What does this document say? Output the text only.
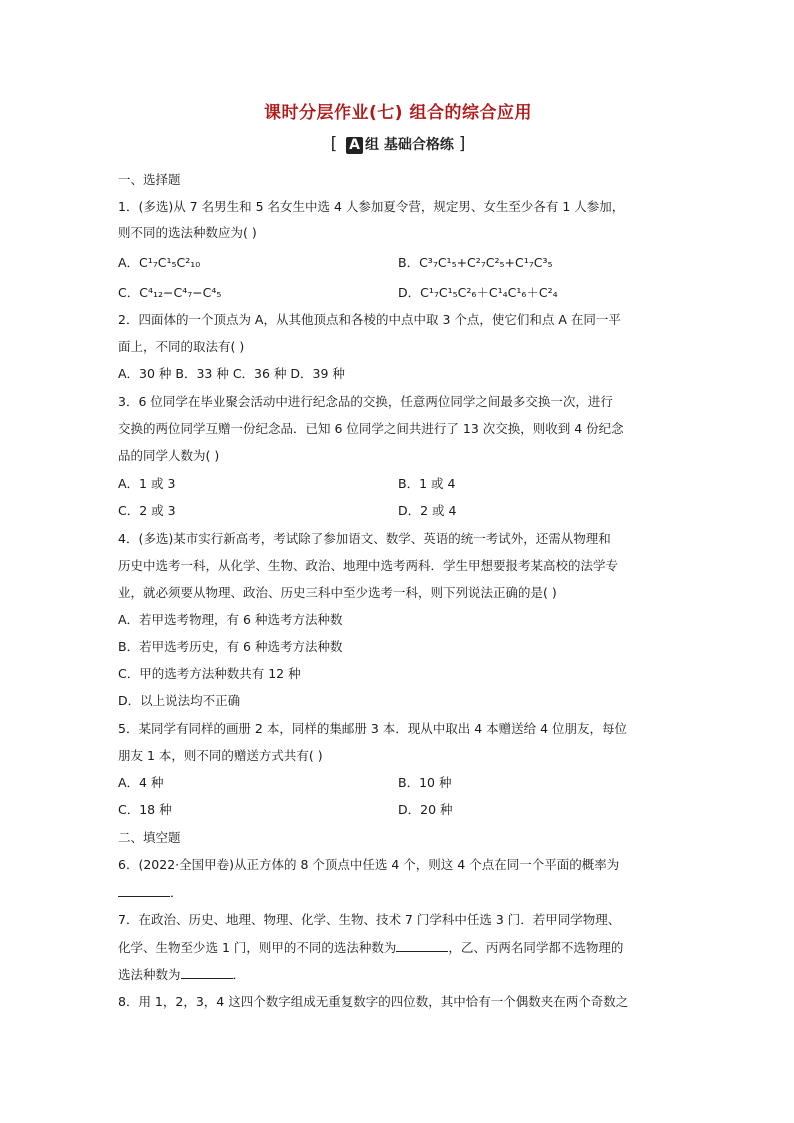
课时分层作业(七) 组合的综合应用
[ A 组 基础合格练 ]
一、选择题
1．(多选)从 7 名男生和 5 名女生中选 4 人参加夏令营，规定男、女生至少各有 1 人参加，
则不同的选法种数应为( )
A．C¹₇C¹₅C²₁₀	B．C³₇C¹₅+C²₇C²₅+C¹₇C³₅
C．C⁴₁₂−C⁴₇−C⁴₅	D．C¹₇C¹₅C²₆＋C¹₄C¹₆＋C²₄
2．四面体的一个顶点为 A，从其他顶点和各棱的中点中取 3 个点，使它们和点 A 在同一平
面上，不同的取法有( )
A．30 种 B．33 种 C．36 种 D．39 种
3．6 位同学在毕业聚会活动中进行纪念品的交换，任意两位同学之间最多交换一次，进行
交换的两位同学互赠一份纪念品．已知 6 位同学之间共进行了 13 次交换，则收到 4 份纪念
品的同学人数为( )
A．1 或 3	B．1 或 4
C．2 或 3	D．2 或 4
4．(多选)某市实行新高考，考试除了参加语文、数学、英语的统一考试外，还需从物理和
历史中选考一科，从化学、生物、政治、地理中选考两科．学生甲想要报考某高校的法学专
业，就必须要从物理、政治、历史三科中至少选考一科，则下列说法正确的是( )
A．若甲选考物理，有 6 种选考方法种数
B．若甲选考历史，有 6 种选考方法种数
C．甲的选考方法种数共有 12 种
D．以上说法均不正确
5．某同学有同样的画册 2 本，同样的集邮册 3 本．现从中取出 4 本赠送给 4 位朋友，每位
朋友 1 本，则不同的赠送方式共有( )
A．4 种	B．10 种
C．18 种	D．20 种
二、填空题
6．(2022·全国甲卷)从正方体的 8 个顶点中任选 4 个，则这 4 个点在同一个平面的概率为
．
7．在政治、历史、地理、物理、化学、生物、技术 7 门学科中任选 3 门．若甲同学物理、
化学、生物至少选 1 门，则甲的不同的选法种数为	，乙、丙两名同学都不选物理的
选法种数为	．
8．用 1，2，3，4 这四个数字组成无重复数字的四位数，其中恰有一个偶数夹在两个奇数之
